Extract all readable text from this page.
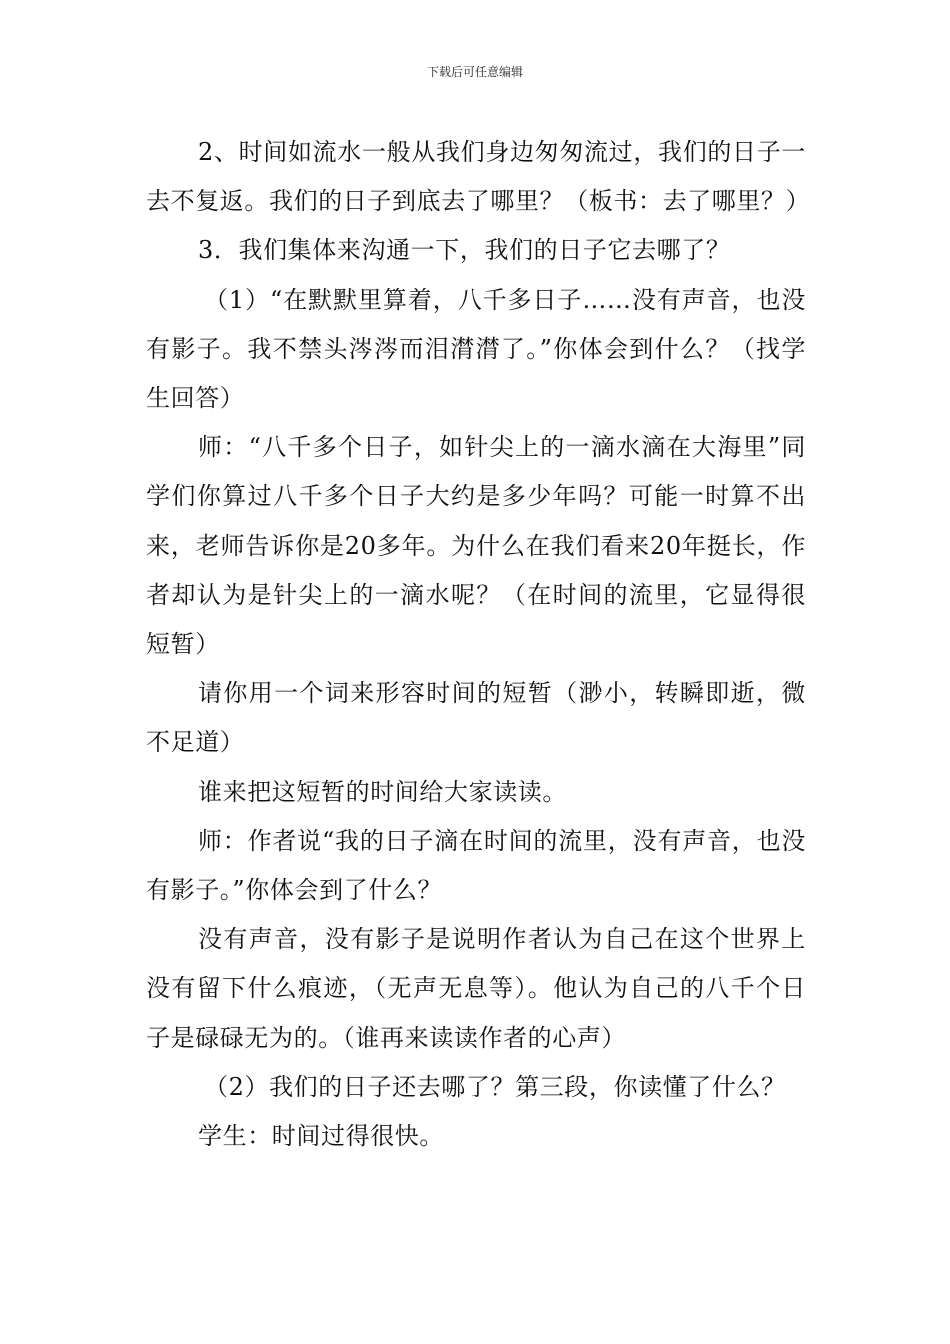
下载后可任意编辑

2、时间如流水一般从我们身边匆匆流过，我们的日子一去不复返。我们的日子到底去了哪里？（板书：去了哪里？）

3．我们集体来沟通一下，我们的日子它去哪了？

（1）“在默默里算着，八千多日子……没有声音，也没有影子。我不禁头涔涔而泪潸潸了。”你体会到什么？（找学生回答）

师：“八千多个日子，如针尖上的一滴水滴在大海里”同学们你算过八千多个日子大约是多少年吗？可能一时算不出来，老师告诉你是20多年。为什么在我们看来20年挺长，作者却认为是针尖上的一滴水呢？（在时间的流里，它显得很短暂）

请你用一个词来形容时间的短暂（渺小，转瞬即逝，微不足道）

谁来把这短暂的时间给大家读读。

师：作者说“我的日子滴在时间的流里，没有声音，也没有影子。”你体会到了什么？

没有声音，没有影子是说明作者认为自己在这个世界上没有留下什么痕迹，（无声无息等）。他认为自己的八千个日子是碌碌无为的。（谁再来读读作者的心声）

（2）我们的日子还去哪了？第三段，你读懂了什么？

学生：时间过得很快。
